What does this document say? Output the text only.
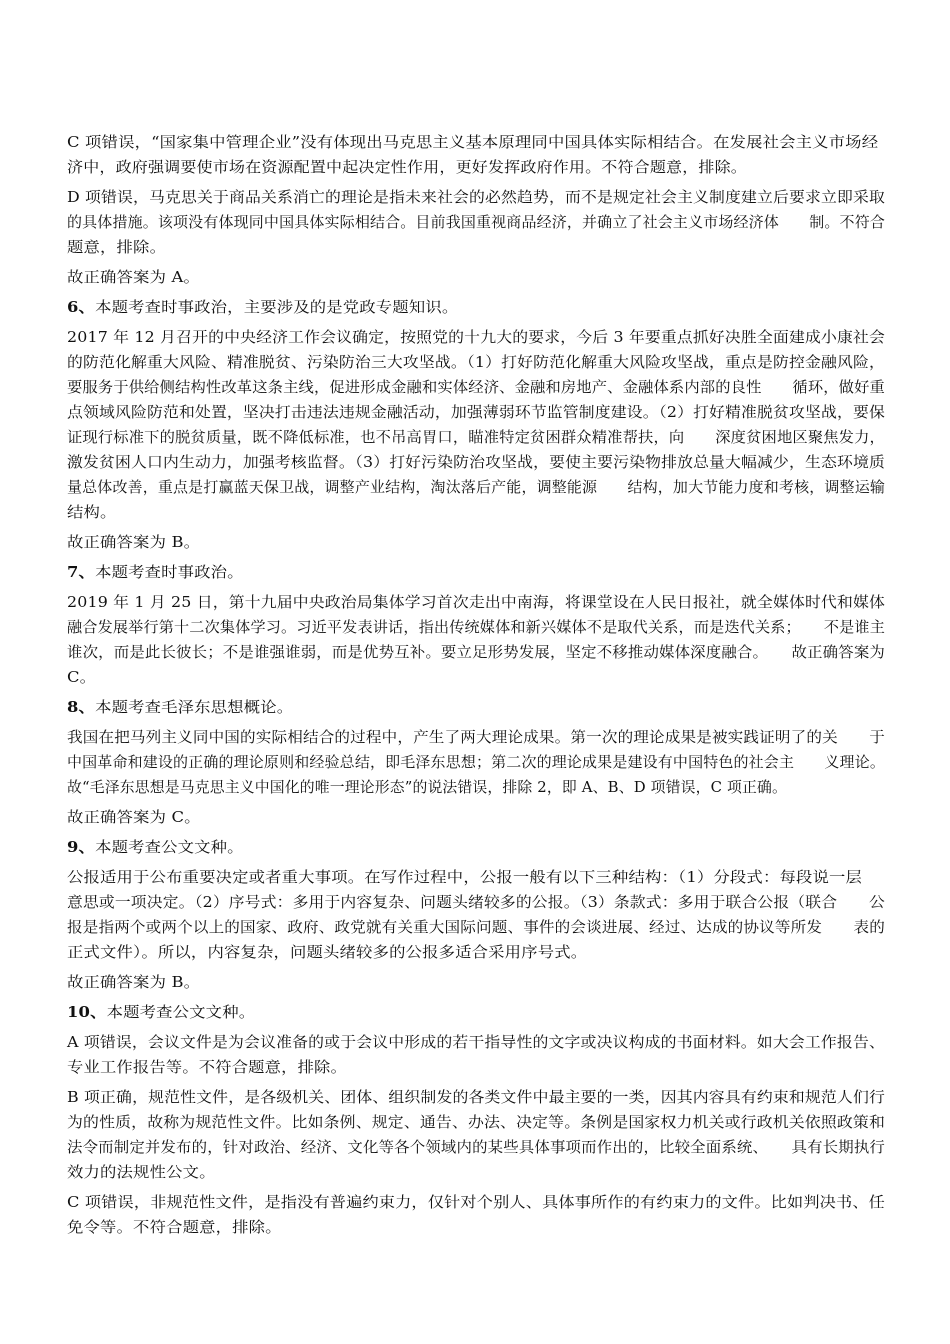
C 项错误，“国家集中管理企业”没有体现出马克思主义基本原理同中国具体实际相结合。在发展社会主义市场经
济中，政府强调要使市场在资源配置中起决定性作用，更好发挥政府作用。不符合题意，排除。
D 项错误，马克思关于商品关系消亡的理论是指未来社会的必然趋势，而不是规定社会主义制度建立后要求立即采取
的具体措施。该项没有体现同中国具体实际相结合。目前我国重视商品经济，并确立了社会主义市场经济体　　制。不符合
题意，排除。
故正确答案为 A。
6、本题考查时事政治，主要涉及的是党政专题知识。
2017 年 12 月召开的中央经济工作会议确定，按照党的十九大的要求，今后 3 年要重点抓好决胜全面建成小康社会
的防范化解重大风险、精准脱贫、污染防治三大攻坚战。（1）打好防范化解重大风险攻坚战，重点是防控金融风险，
要服务于供给侧结构性改革这条主线，促进形成金融和实体经济、金融和房地产、金融体系内部的良性　　循环，做好重
点领域风险防范和处置，坚决打击违法违规金融活动，加强薄弱环节监管制度建设。（2）打好精准脱贫攻坚战，要保
证现行标准下的脱贫质量，既不降低标准，也不吊高胃口，瞄准特定贫困群众精准帮扶，向　　深度贫困地区聚焦发力，
激发贫困人口内生动力，加强考核监督。（3）打好污染防治攻坚战，要使主要污染物排放总量大幅减少，生态环境质
量总体改善，重点是打赢蓝天保卫战，调整产业结构，淘汰落后产能，调整能源　　结构，加大节能力度和考核，调整运输
结构。
故正确答案为 B。
7、本题考查时事政治。
2019 年 1 月 25 日，第十九届中央政治局集体学习首次走出中南海，将课堂设在人民日报社，就全媒体时代和媒体
融合发展举行第十二次集体学习。习近平发表讲话，指出传统媒体和新兴媒体不是取代关系，而是迭代关系；　　不是谁主
谁次，而是此长彼长；不是谁强谁弱，而是优势互补。要立足形势发展，坚定不移推动媒体深度融合。　　故正确答案为
C。
8、本题考查毛泽东思想概论。
我国在把马列主义同中国的实际相结合的过程中，产生了两大理论成果。第一次的理论成果是被实践证明了的关　　于
中国革命和建设的正确的理论原则和经验总结，即毛泽东思想；第二次的理论成果是建设有中国特色的社会主　　义理论。
故“毛泽东思想是马克思主义中国化的唯一理论形态”的说法错误，排除 2，即 A、B、D 项错误，C 项正确。
故正确答案为 C。
9、本题考查公文文种。
公报适用于公布重要决定或者重大事项。在写作过程中，公报一般有以下三种结构：（1）分段式：每段说一层
意思或一项决定。（2）序号式：多用于内容复杂、问题头绪较多的公报。（3）条款式：多用于联合公报（联合　　公
报是指两个或两个以上的国家、政府、政党就有关重大国际问题、事件的会谈进展、经过、达成的协议等所发　　表的
正式文件）。所以，内容复杂，问题头绪较多的公报多适合采用序号式。
故正确答案为 B。
10、本题考查公文文种。
A 项错误，会议文件是为会议准备的或于会议中形成的若干指导性的文字或决议构成的书面材料。如大会工作报告、
专业工作报告等。不符合题意，排除。
B 项正确，规范性文件，是各级机关、团体、组织制发的各类文件中最主要的一类，因其内容具有约束和规范人们行
为的性质，故称为规范性文件。比如条例、规定、通告、办法、决定等。条例是国家权力机关或行政机关依照政策和
法令而制定并发布的，针对政治、经济、文化等各个领域内的某些具体事项而作出的，比较全面系统、　　具有长期执行
效力的法规性公文。
C 项错误，非规范性文件，是指没有普遍约束力，仅针对个别人、具体事所作的有约束力的文件。比如判决书、任
免令等。不符合题意，排除。
